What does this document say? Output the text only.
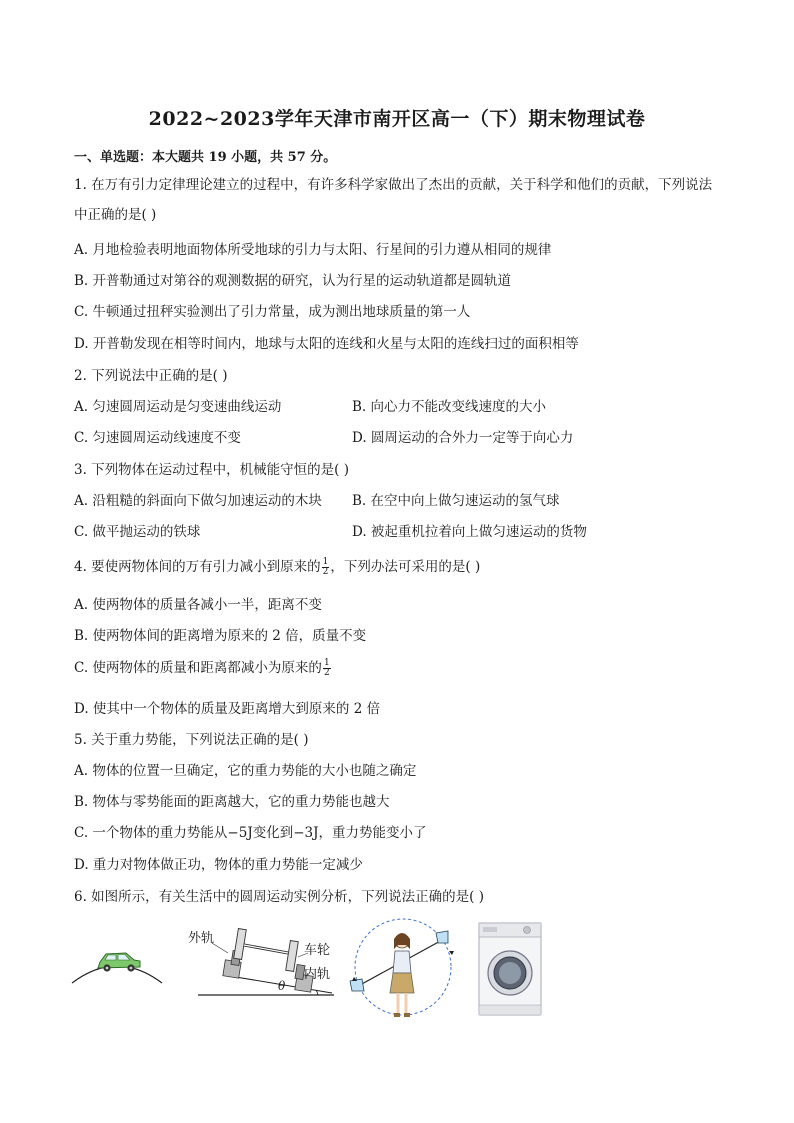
2022~2023学年天津市南开区高一（下）期末物理试卷
一、单选题：本大题共 19 小题，共 57 分。
1. 在万有引力定律理论建立的过程中，有许多科学家做出了杰出的贡献，关于科学和他们的贡献，下列说法中正确的是( )
A. 月地检验表明地面物体所受地球的引力与太阳、行星间的引力遵从相同的规律
B. 开普勒通过对第谷的观测数据的研究，认为行星的运动轨道都是圆轨道
C. 牛顿通过扭秤实验测出了引力常量，成为测出地球质量的第一人
D. 开普勒发现在相等时间内，地球与太阳的连线和火星与太阳的连线扫过的面积相等
2. 下列说法中正确的是( )
A. 匀速圆周运动是匀变速曲线运动	B. 向心力不能改变线速度的大小
C. 匀速圆周运动线速度不变	D. 圆周运动的合外力一定等于向心力
3. 下列物体在运动过程中，机械能守恒的是( )
A. 沿粗糙的斜面向下做匀加速运动的木块 B. 在空中向上做匀速运动的氢气球
C. 做平抛运动的铁球	D. 被起重机拉着向上做匀速运动的货物
4. 要使两物体间的万有引力减小到原来的 $\frac{1}{2}$ ，下列办法可采用的是( )
A. 使两物体的质量各减小一半，距离不变
B. 使两物体间的距离增为原来的 2 倍，质量不变
C. 使两物体的质量和距离都减小为原来的 $\frac{1}{2}$
D. 使其中一个物体的质量及距离增大到原来的 2 倍
5. 关于重力势能，下列说法正确的是( )
A. 物体的位置一旦确定，它的重力势能的大小也随之确定
B. 物体与零势能面的距离越大，它的重力势能也越大
C. 一个物体的重力势能从−5J变化到−3J，重力势能变小了
D. 重力对物体做正功，物体的重力势能一定减少
6. 如图所示，有关生活中的圆周运动实例分析，下列说法正确的是( )
外轨
车轮
内轨
θ
